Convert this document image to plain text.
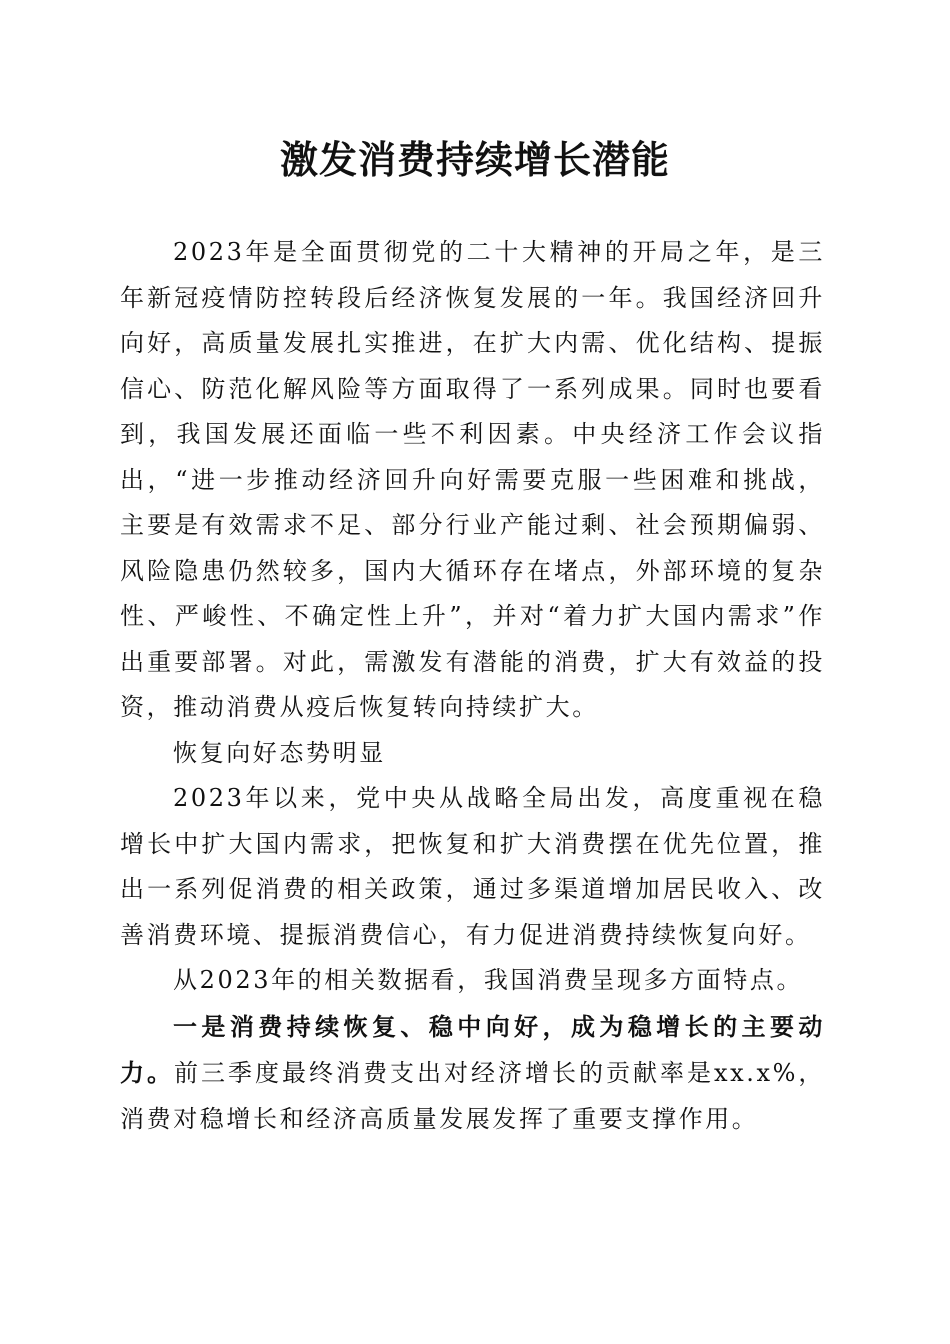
激发消费持续增长潜能

2023年是全面贯彻党的二十大精神的开局之年，是三年新冠疫情防控转段后经济恢复发展的一年。我国经济回升向好，高质量发展扎实推进，在扩大内需、优化结构、提振信心、防范化解风险等方面取得了一系列成果。同时也要看到，我国发展还面临一些不利因素。中央经济工作会议指出，“进一步推动经济回升向好需要克服一些困难和挑战，主要是有效需求不足、部分行业产能过剩、社会预期偏弱、风险隐患仍然较多，国内大循环存在堵点，外部环境的复杂性、严峻性、不确定性上升”，并对“着力扩大国内需求”作出重要部署。对此，需激发有潜能的消费，扩大有效益的投资，推动消费从疫后恢复转向持续扩大。

恢复向好态势明显

2023年以来，党中央从战略全局出发，高度重视在稳增长中扩大国内需求，把恢复和扩大消费摆在优先位置，推出一系列促消费的相关政策，通过多渠道增加居民收入、改善消费环境、提振消费信心，有力促进消费持续恢复向好。

从2023年的相关数据看，我国消费呈现多方面特点。

一是消费持续恢复、稳中向好，成为稳增长的主要动力。前三季度最终消费支出对经济增长的贡献率是xx.x%，消费对稳增长和经济高质量发展发挥了重要支撑作用。
